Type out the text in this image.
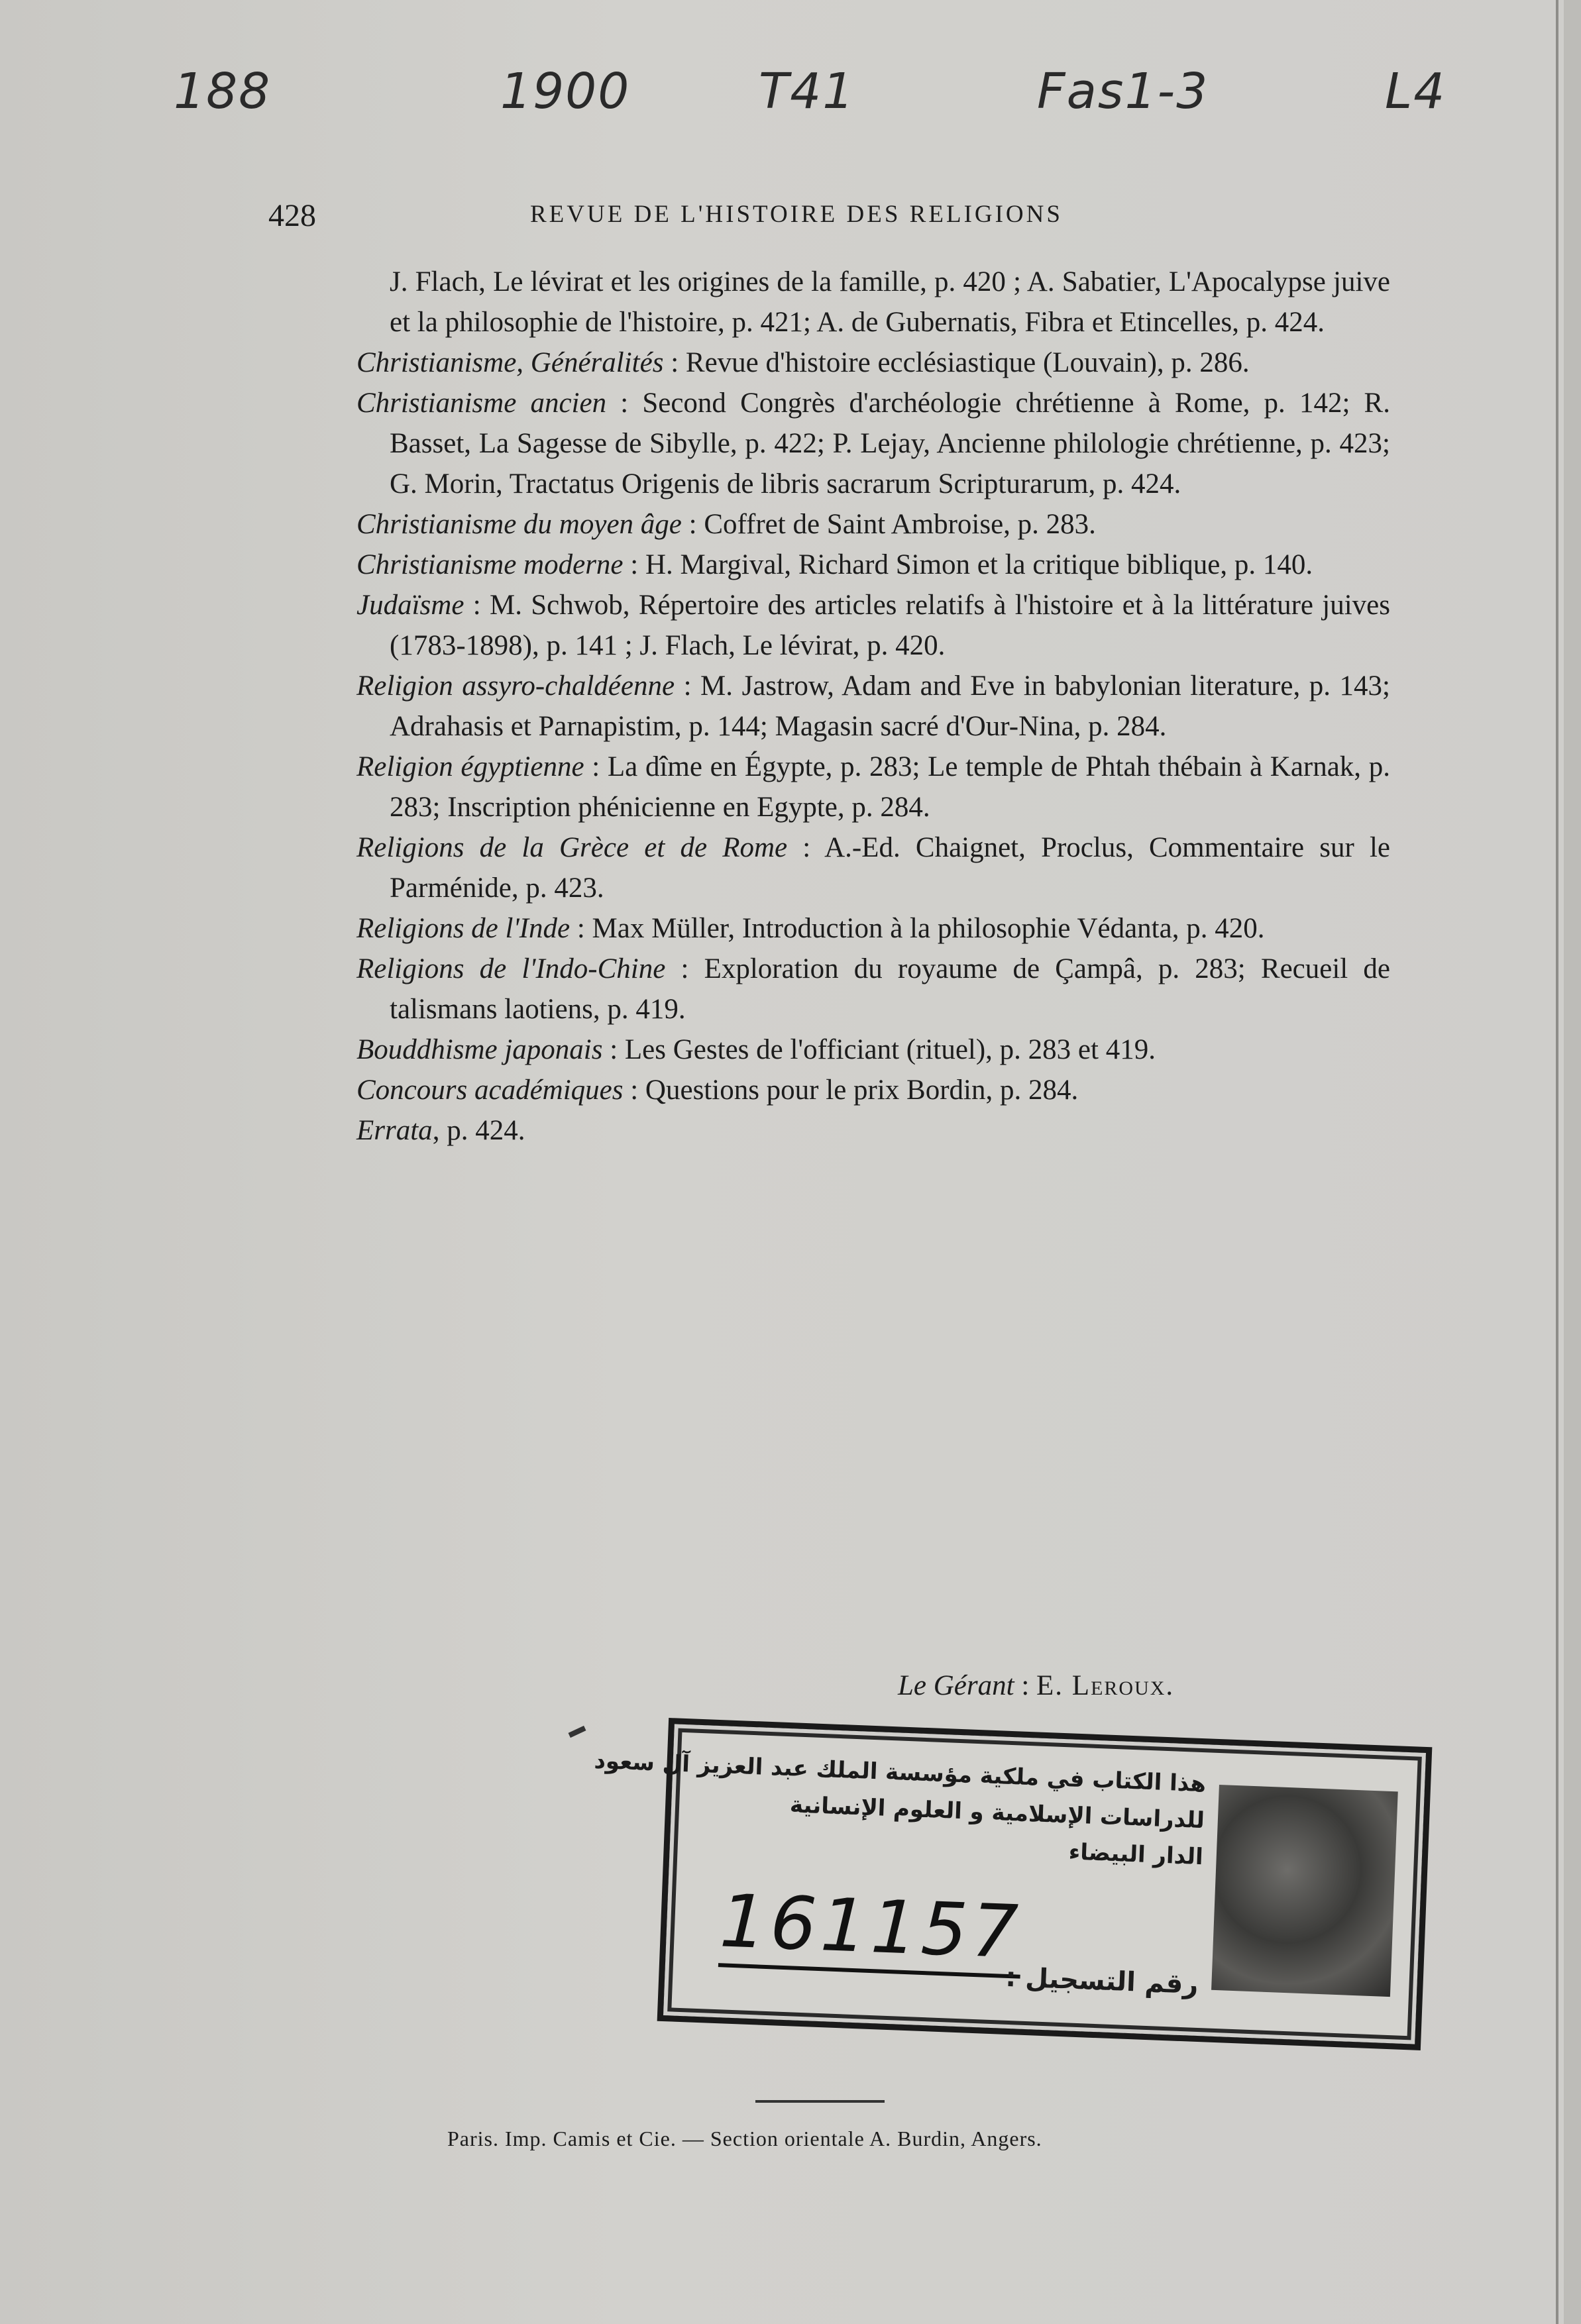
188	1900	T41	Fas1-3	L4
428	REVUE DE L'HISTOIRE DES RELIGIONS
J. Flach, Le lévirat et les origines de la famille, p. 420 ; A. Sabatier, L'Apocalypse juive et la philosophie de l'histoire, p. 421; A. de Gubernatis, Fibra et Etincelles, p. 424.
Christianisme, Généralités : Revue d'histoire ecclésiastique (Louvain), p. 286.
Christianisme ancien : Second Congrès d'archéologie chrétienne à Rome, p. 142; R. Basset, La Sagesse de Sibylle, p. 422; P. Lejay, Ancienne philologie chrétienne, p. 423; G. Morin, Tractatus Origenis de libris sacrarum Scripturarum, p. 424.
Christianisme du moyen âge : Coffret de Saint Ambroise, p. 283.
Christianisme moderne : H. Margival, Richard Simon et la critique biblique, p. 140.
Judaïsme : M. Schwob, Répertoire des articles relatifs à l'histoire et à la littérature juives (1783-1898), p. 141 ; J. Flach, Le lévirat, p. 420.
Religion assyro-chaldéenne : M. Jastrow, Adam and Eve in babylonian literature, p. 143; Adrahasis et Parnapistim, p. 144; Magasin sacré d'Our-Nina, p. 284.
Religion égyptienne : La dîme en Égypte, p. 283; Le temple de Phtah thébain à Karnak, p. 283; Inscription phénicienne en Egypte, p. 284.
Religions de la Grèce et de Rome : A.-Ed. Chaignet, Proclus, Commentaire sur le Parménide, p. 423.
Religions de l'Inde : Max Müller, Introduction à la philosophie Védanta, p. 420.
Religions de l'Indo-Chine : Exploration du royaume de Çampâ, p. 283; Recueil de talismans laotiens, p. 419.
Bouddhisme japonais : Les Gestes de l'officiant (rituel), p. 283 et 419.
Concours académiques : Questions pour le prix Bordin, p. 284.
Errata, p. 424.
Le Gérant : E. Leroux.
هذا الكتاب في ملكية مؤسسة الملك عبد العزيز آل سعود
للدراسات الإسلامية و العلوم الإنسانية
الدار البيضاء
161157
رقم التسجيل :
Paris. Imp. Camis et Cie. — Section orientale A. Burdin, Angers.
